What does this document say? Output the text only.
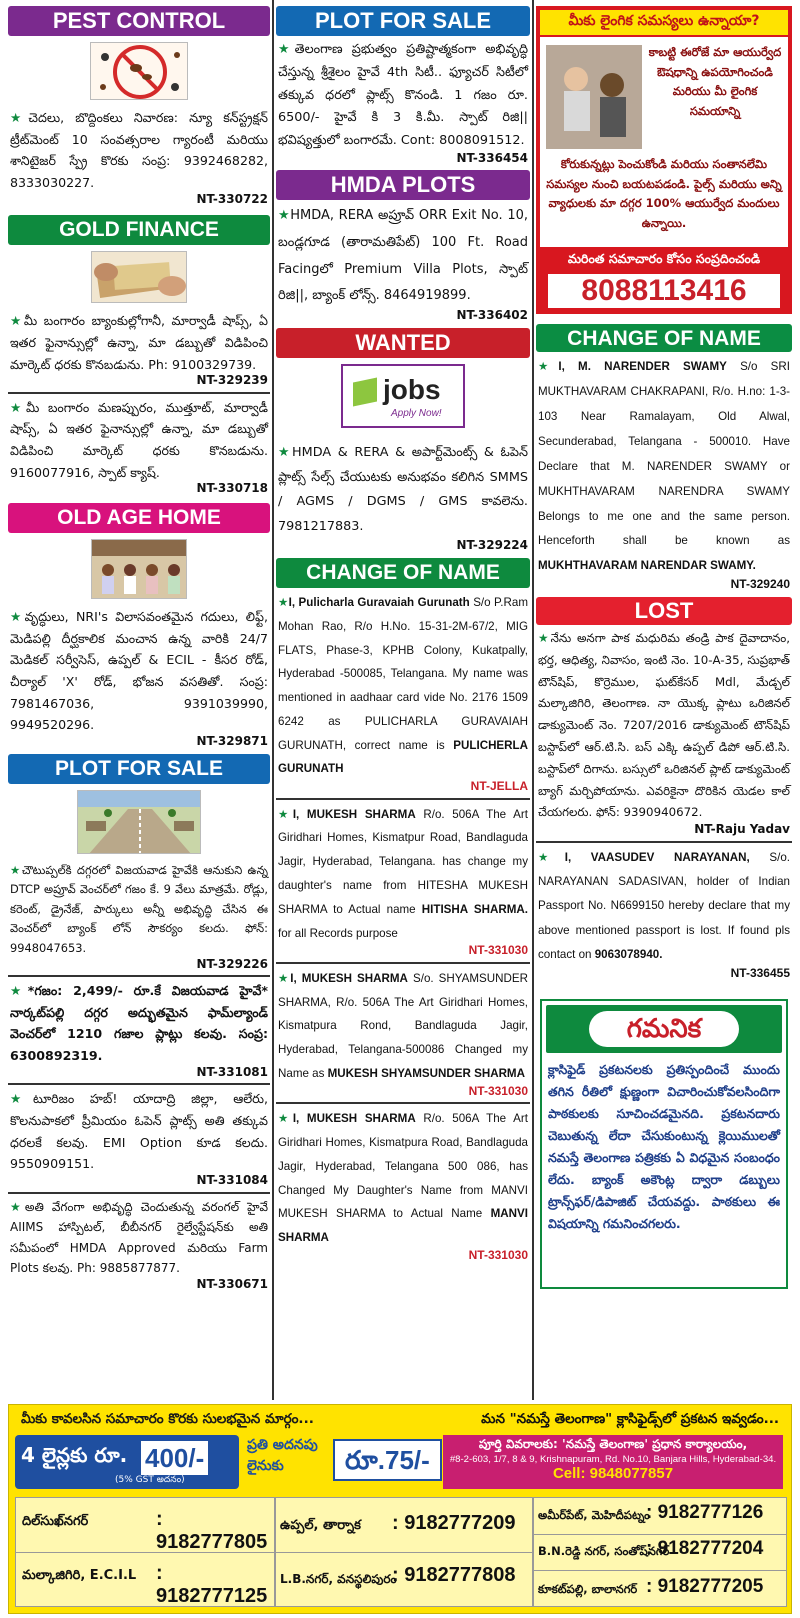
PEST CONTROL
★చెదలు, బొద్దింకలు నివారణ: న్యూ కన్‌స్ట్రక్షన్ ట్రీట్‌మెంట్ 10 సంవత్సరాల గ్యారంటీ మరియు శానిటైజర్ స్ప్రే కొరకు సంప్ర: 9392468282, 8333030227.
NT-330722
GOLD FINANCE
★మీ బంగారం బ్యాంకుల్లోగానీ, మార్వాడీ షాప్స్, ఏ ఇతర ఫైనాన్సుల్లో ఉన్నా, మా డబ్బుతో విడిపించి మార్కెట్ ధరకు కొనబడును. Ph: 9100329739.
NT-329239
★మీ బంగారం మణప్పురం, ముత్తూట్, మార్వాడీ షాప్స్, ఏ ఇతర ఫైనాన్సుల్లో ఉన్నా, మా డబ్బుతో విడిపించి మార్కెట్ ధరకు కొనబడును. 9160077916, స్పాట్ క్యాష్.
NT-330718
OLD AGE HOME
★వృద్ధులు, NRI's విలాసవంతమైన గదులు, లిఫ్ట్, మెడిపల్లి దీర్ఘకాలిక మంచాన ఉన్న వారికి 24/7 మెడికల్ సర్వీసెస్, ఉప్పల్ & ECIL - కీసర రోడ్, చీర్యాల్ 'X' రోడ్, భోజన వసతితో. సంప్ర: 7981467036, 9391039990, 9949520296.
NT-329871
PLOT FOR SALE
★చౌటుప్పల్‌కి దగ్గరలో విజయవాడ హైవేకి ఆనుకుని ఉన్న DTCP అప్రూవ్ వెంచర్‌లో గజం కే. 9 వేలు మాత్రమే. రోడ్లు, కరెంట్, డ్రైనేజ్, పార్కులు అన్నీ అభివృద్ధి చేసిన ఈ వెంచర్‌లో బ్యాంక్ లోన్ సౌకర్యం కలదు. ఫోన్: 9948047653.
NT-329226
★*గజం: 2,499/- రూ.కే విజయవాడ హైవే* నార్కట్‌పల్లి దగ్గర అద్భుతమైన ఫామ్‌ల్యాండ్ వెంచర్‌లో 1210 గజాల ప్లాట్లు కలవు. సంప్ర: 6300892319.
NT-331081
★టూరిజం హబ్! యాదాద్రి జిల్లా, ఆలేరు, కొలనుపాకలో ప్రీమియం ఓపెన్ ప్లాట్స్ అతి తక్కువ ధరలకే కలవు. EMI Option కూడ కలదు. 9550909151.
NT-331084
★అతి వేగంగా అభివృద్ధి చెందుతున్న వరంగల్ హైవే AIIMS హాస్పిటల్, బీబీనగర్ రైల్వేస్టేషన్‌కు అతి సమీపంలో HMDA Approved మరియు Farm Plots కలవు. Ph: 9885877877.
NT-330671
PLOT FOR SALE
★తెలంగాణ ప్రభుత్వం ప్రతిష్టాత్మకంగా అభివృద్ధి చేస్తున్న శ్రీశైలం హైవే 4th సిటీ.. ఫ్యూచర్ సిటీలో తక్కువ ధరలో ప్లాట్స్ కొనండి. 1 గజం రూ. 6500/- హైవే కి 3 కి.మీ. స్పాట్ రిజి|| భవిష్యత్తులో బంగారమే. Cont: 8008091512.
NT-336454
HMDA PLOTS
★HMDA, RERA అప్రూవ్ ORR Exit No. 10, బండ్లగూడ (తారామతిపేట్) 100 Ft. Road Facingలో Premium Villa Plots, స్పాట్ రిజి||, బ్యాంక్ లోన్స్. 8464919899.
NT-336402
WANTED
jobs
Apply Now!
★HMDA & RERA & అపార్ట్‌మెంట్స్ & ఓపెన్ ప్లాట్స్ సేల్స్ చేయుటకు అనుభవం కలిగిన SMMS / AGMS / DGMS / GMS కావలెను. 7981217883.
NT-329224
CHANGE OF NAME
★I, Pulicharla Guravaiah Gurunath S/o P.Ram Mohan Rao, R/o H.No. 15-31-2M-67/2, MIG FLATS, Phase-3, KPHB Colony, Kukatpally, Hyderabad -500085, Telangana. My name was mentioned in aadhaar card vide No. 2176 1509 6242 as PULICHARLA GURAVAIAH GURUNATH, correct name is PULICHERLA GURUNATH
NT-JELLA
★I, MUKESH SHARMA R/o. 506A The Art Giridhari Homes, Kismatpur Road, Bandlaguda Jagir, Hyderabad, Telangana. has change my daughter's name from HITESHA MUKESH SHARMA to Actual name HITISHA SHARMA. for all Records purpose
NT-331030
★I, MUKESH SHARMA S/o. SHYAMSUNDER SHARMA, R/o. 506A The Art Giridhari Homes, Kismatpura Rond, Bandlaguda Jagir, Hyderabad, Telangana-500086 Changed my Name as MUKESH SHYAMSUNDER SHARMA
NT-331030
★I, MUKESH SHARMA R/o. 506A The Art Giridhari Homes, Kismatpura Road, Bandlaguda Jagir, Hyderabad, Telangana 500 086, has Changed My Daughter's Name from MANVI MUKESH SHARMA to Actual Name MANVI SHARMA
NT-331030
మీకు లైంగిక సమస్యలు ఉన్నాయా?
కాబట్టి ఈరోజే మా ఆయుర్వేద ఔషధాన్ని ఉపయోగించండి మరియు మీ లైంగిక సమయాన్ని
కోరుకున్నట్లు పెంచుకోండి మరియు సంతానలేమి సమస్యల నుంచి బయటపడండి. పైల్స్ మరియు అన్ని వ్యాధులకు మా దగ్గర 100% ఆయుర్వేద మందులు ఉన్నాయి.
మరింత సమాచారం కోసం సంప్రదించండి
8088113416
CHANGE OF NAME
★I, M. NARENDER SWAMY S/o SRI MUKTHAVARAM CHAKRAPANI, R/o. H.no: 1-3-103 Near Ramalayam, Old Alwal, Secunderabad, Telangana - 500010. Have Declare that M. NARENDER SWAMY or MUKHTHAVARAM NARENDRA SWAMY Belongs to me one and the same person. Henceforth shall be known as MUKHTHAVARAM NARENDAR SWAMY.
NT-329240
LOST
★నేను అనగా పాక మధురిమ తండ్రి పాక దైవాదానం, భర్త, ఆధిత్య, నివాసం, ఇంటి నెం. 10-A-35, సుప్రభాత్ టౌన్‌షిప్, కొర్రెముల, ఘట్‌కేసర్ Mdl, మేడ్చల్ మల్కాజిగిరి, తెలంగాణ. నా యొక్క ప్లాటు ఒరిజినల్ డాక్యుమెంట్ నెం. 7207/2016 డాక్యుమెంట్ టౌన్‌షిప్ బస్టాప్‌లో ఆర్.టి.సి. బస్ ఎక్కి ఉప్పల్ డిపో ఆర్.టి.సి. బస్టాప్‌లో దిగాను. బస్సులో ఒరిజినల్ ప్లాట్ డాక్యుమెంట్ బ్యాగ్ మర్చిపోయాను. ఎవరికైనా దొరికిన యెడల కాల్ చేయగలరు. ఫోన్: 9390940672.
NT-Raju Yadav
★I, VAASUDEV NARAYANAN, S/o. NARAYANAN SADASIVAN, holder of Indian Passport No. N6699150 hereby declare that my above mentioned passport is lost. If found pls contact on 9063078940.
NT-336455
గమనిక
క్లాసిఫైడ్ ప్రకటనలకు ప్రతిస్పందించే ముందు తగిన రీతిలో క్షుణ్ణంగా విచారించుకోవలసిందిగా పాఠకులకు సూచించడమైనది. ప్రకటనదారు చెబుతున్న లేదా చేసుకుంటున్న క్లెయిములతో నమస్తే తెలంగాణ పత్రికకు ఏ విధమైన సంబంధం లేదు. బ్యాంక్ అకౌంట్ల ద్వారా డబ్బులు ట్రాన్స్‌ఫర్/డిపాజిట్ చేయవద్దు. పాఠకులు ఈ విషయాన్ని గమనించగలరు.
మీకు కావలసిన సమాచారం కొరకు సులభమైన మార్గం...	మన "నమస్తే తెలంగాణ" క్లాసిఫైడ్స్‌లో ప్రకటన ఇవ్వడం...
4 లైన్లకు రూ. 400/-
(5% GST అదనం)
ప్రతి అదనపు లైనుకు	రూ.75/-
పూర్తి వివరాలకు: 'నమస్తే తెలంగాణ' ప్రధాన కార్యాలయం,
#8-2-603, 1/7, 8 & 9, Krishnapuram, Rd. No.10, Banjara Hills, Hyderabad-34.
Cell: 9848077857
దిల్‌సుఖ్‌నగర్	: 9182777805
మల్కాజిగిరి, E.C.I.L : 9182777125
ఉప్పల్, తార్నాక : 9182777209
L.B.నగర్, వనస్థలిపురం
: 9182777808
అమీర్‌పేట్, మెహిదీపట్నం
: 9182777126
B.N.రెడ్డి నగర్, సంతోష్‌నగర్
: 9182777204
కూకట్‌పల్లి, బాలానగర్ : 9182777205
